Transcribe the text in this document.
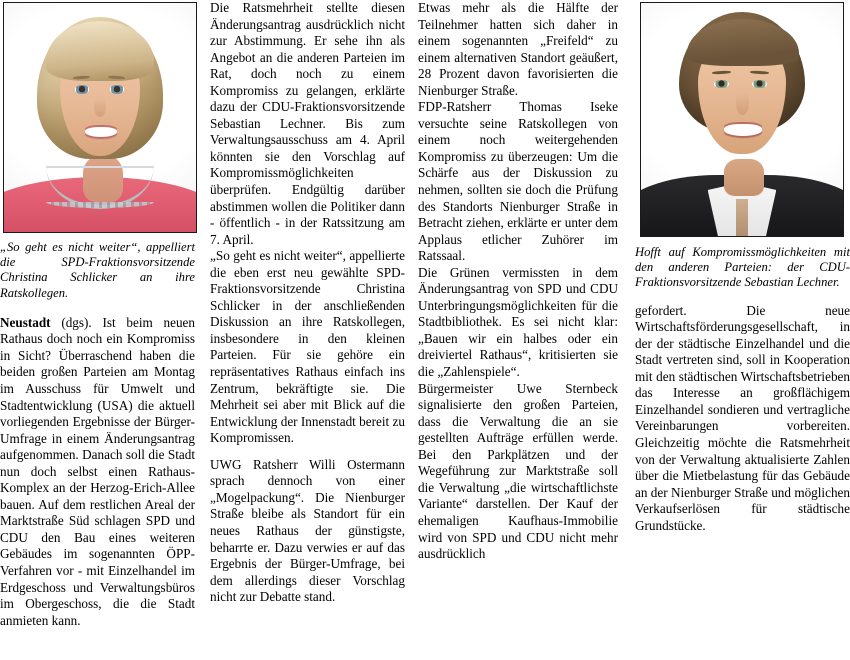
„So geht es nicht weiter“, appelliert die SPD-Fraktionsvorsitzende Christina Schlicker an ihre Ratskollegen.

Neustadt (dgs). Ist beim neuen Rathaus doch noch ein Kompromiss in Sicht? Überraschend haben die beiden großen Parteien am Montag im Ausschuss für Umwelt und Stadtentwicklung (USA) die aktuell vorliegenden Ergebnisse der Bürger-Umfrage in einem Änderungsantrag aufgenommen. Danach soll die Stadt nun doch selbst einen Rathaus-Komplex an der Herzog-Erich-Allee bauen. Auf dem restlichen Areal der Marktstraße Süd schlagen SPD und CDU den Bau eines weiteren Gebäudes im sogenannten ÖPP-Verfahren vor - mit Einzelhandel im Erdgeschoss und Verwaltungsbüros im Obergeschoss, die die Stadt anmieten kann.

Die Ratsmehrheit stellte diesen Änderungsantrag ausdrücklich nicht zur Abstimmung. Er sehe ihn als Angebot an die anderen Parteien im Rat, doch noch zu einem Kompromiss zu gelangen, erklärte dazu der CDU-Fraktionsvorsitzende Sebastian Lechner. Bis zum Verwaltungsausschuss am 4. April könnten sie den Vorschlag auf Kompromissmöglichkeiten überprüfen. Endgültig darüber abstimmen wollen die Politiker dann - öffentlich - in der Ratssitzung am 7. April.

„So geht es nicht weiter“, appellierte die eben erst neu gewählte SPD-Fraktionsvorsitzende Christina Schlicker in der anschließenden Diskussion an ihre Ratskollegen, insbesondere in den kleinen Parteien. Für sie gehöre ein repräsentatives Rathaus einfach ins Zentrum, bekräftigte sie. Die Mehrheit sei aber mit Blick auf die Entwicklung der Innenstadt bereit zu Kompromissen.

UWG Ratsherr Willi Ostermann sprach dennoch von einer „Mogelpackung“. Die Nienburger Straße bleibe als Standort für ein neues Rathaus der günstigste, beharrte er. Dazu verwies er auf das Ergebnis der Bürger-Umfrage, bei dem allerdings dieser Vorschlag nicht zur Debatte stand.

Etwas mehr als die Hälfte der Teilnehmer hatten sich daher in einem sogenannten „Freifeld“ zu einem alternativen Standort geäußert, 28 Prozent davon favorisierten die Nienburger Straße.

FDP-Ratsherr Thomas Iseke versuchte seine Ratskollegen von einem noch weitergehenden Kompromiss zu überzeugen: Um die Schärfe aus der Diskussion zu nehmen, sollten sie doch die Prüfung des Standorts Nienburger Straße in Betracht ziehen, erklärte er unter dem Applaus etlicher Zuhörer im Ratssaal.

Die Grünen vermissten in dem Änderungsantrag von SPD und CDU Unterbringungsmöglichkeiten für die Stadtbibliothek. Es sei nicht klar: „Bauen wir ein halbes oder ein dreiviertel Rathaus“, kritisierten sie die „Zahlenspiele“.

Bürgermeister Uwe Sternbeck signalisierte den großen Parteien, dass die Verwaltung die an sie gestellten Aufträge erfüllen werde. Bei den Parkplätzen und der Wegeführung zur Marktstraße soll die Verwaltung „die wirtschaftlichste Variante“ darstellen. Der Kauf der ehemaligen Kaufhaus-Immobilie wird von SPD und CDU nicht mehr ausdrücklich

Hofft auf Kompromissmöglichkeiten mit den anderen Parteien: der CDU-Fraktionsvorsitzende Sebastian Lechner.

gefordert. Die neue Wirtschaftsförderungsgesellschaft, in der der städtische Einzelhandel und die Stadt vertreten sind, soll in Kooperation mit den städtischen Wirtschaftsbetrieben das Interesse an großflächigem Einzelhandel sondieren und vertragliche Vereinbarungen vorbereiten. Gleichzeitig möchte die Ratsmehrheit von der Verwaltung aktualisierte Zahlen über die Mietbelastung für das Gebäude an der Nienburger Straße und möglichen Verkaufserlösen für städtische Grundstücke.
